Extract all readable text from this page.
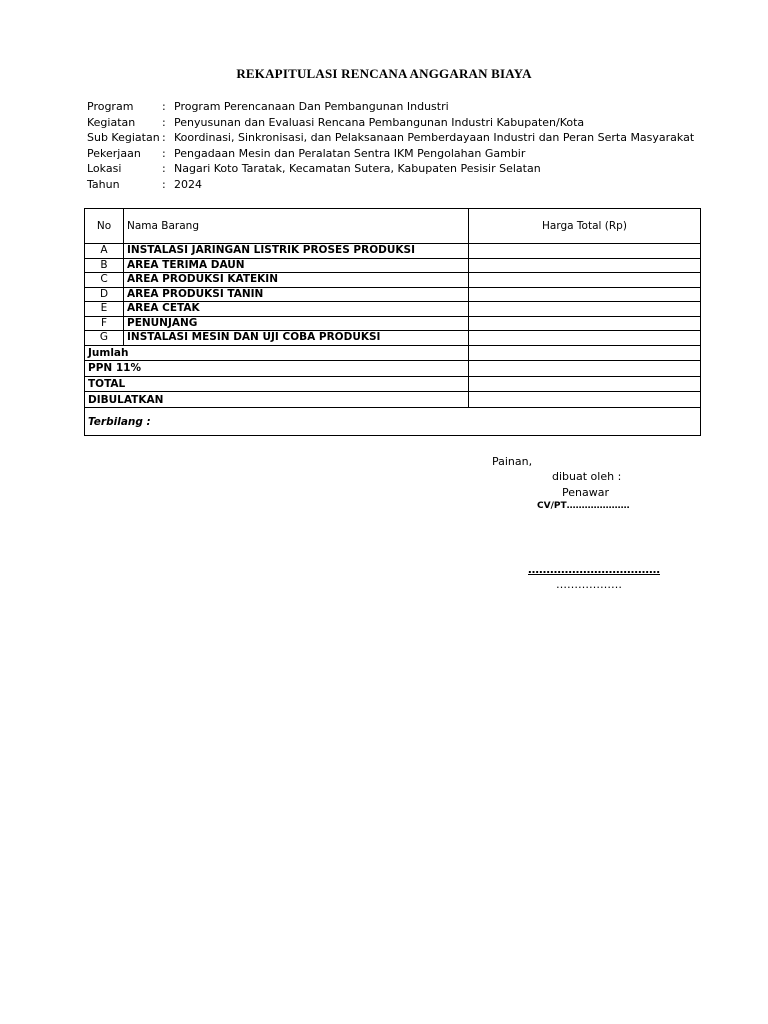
REKAPITULASI RENCANA ANGGARAN BIAYA
Program	: Program Perencanaan Dan Pembangunan Industri
Kegiatan : Penyusunan dan Evaluasi Rencana Pembangunan Industri Kabupaten/Kota
Sub Kegiatan : Koordinasi, Sinkronisasi, dan Pelaksanaan Pemberdayaan Industri dan Peran Serta Masyarakat
Pekerjaan : Pengadaan Mesin dan Peralatan Sentra IKM Pengolahan Gambir
Lokasi	: Nagari Koto Taratak, Kecamatan Sutera, Kabupaten Pesisir Selatan
Tahun	: 2024
No	Nama Barang	Harga Total (Rp)
A	INSTALASI JARINGAN LISTRIK PROSES PRODUKSI	
B	AREA TERIMA DAUN	
C	AREA PRODUKSI KATEKIN	
D	AREA PRODUKSI TANIN	
E	AREA CETAK	
F	PENUNJANG	
G	INSTALASI MESIN DAN UJI COBA PRODUKSI	
Jumlah		
PPN 11%		
TOTAL		
DIBULATKAN		
Terbilang :		
Painan,
dibuat oleh :
Penawar
CV/PT…………………
………………………………
………………
